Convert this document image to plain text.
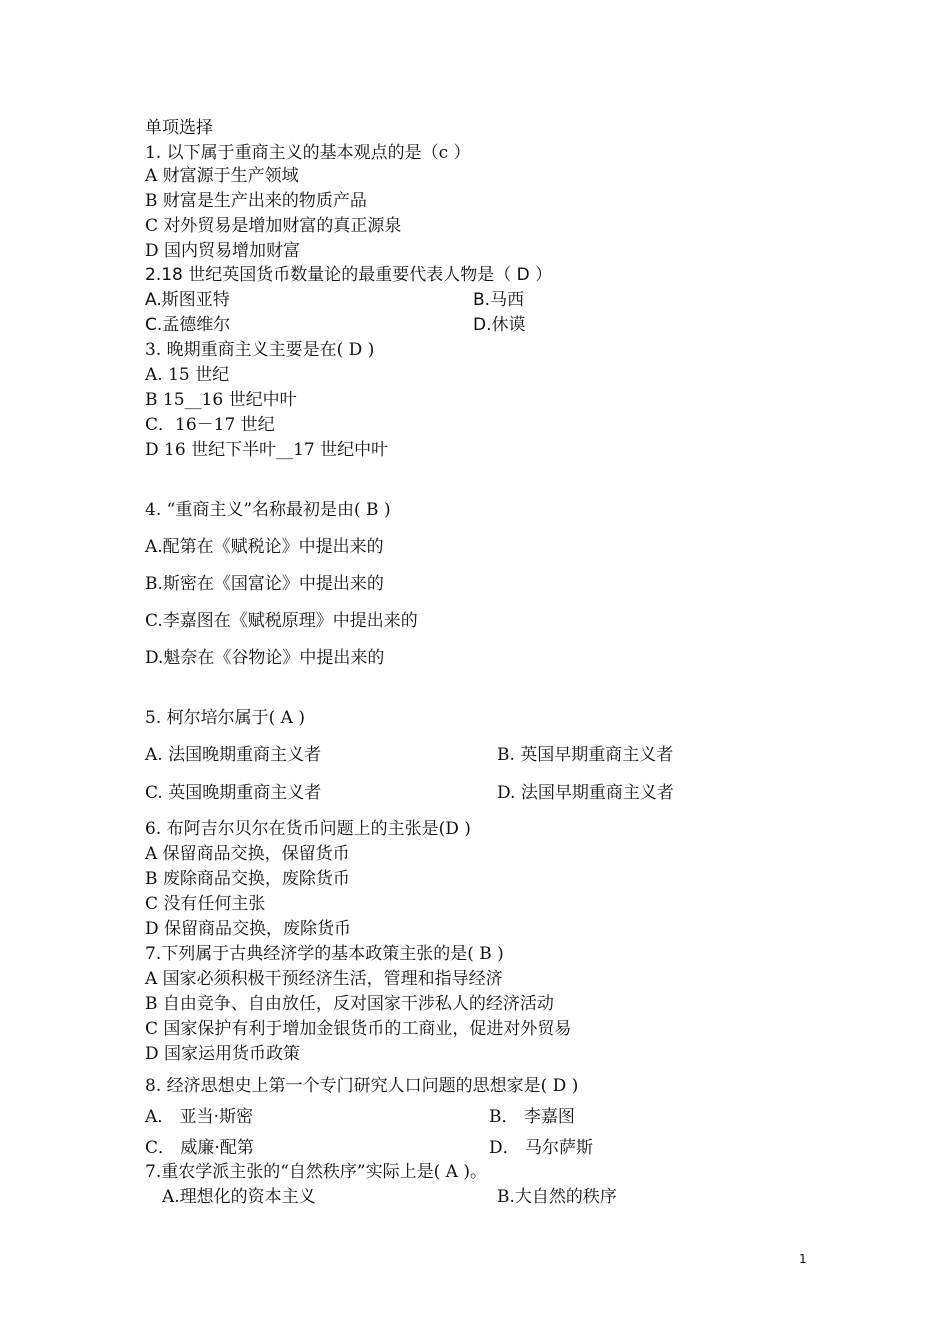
单项选择
1. 以下属于重商主义的基本观点的是（c ）
A 财富源于生产领域
B 财富是生产出来的物质产品
C 对外贸易是增加财富的真正源泉
D 国内贸易增加财富
2.18 世纪英国货币数量论的最重要代表人物是（ D ）
A.斯图亚特	B.马西
C.孟德维尔	D.休谟
3. 晚期重商主义主要是在( D )
A. 15 世纪
B 15__16 世纪中叶
C．16－17 世纪
D 16 世纪下半叶__17 世纪中叶
4. “重商主义”名称最初是由( B )
A.配第在《赋税论》中提出来的
B.斯密在《国富论》中提出来的
C.李嘉图在《赋税原理》中提出来的
D.魁奈在《谷物论》中提出来的
5. 柯尔培尔属于( A )
A. 法国晚期重商主义者	B. 英国早期重商主义者
C. 英国晚期重商主义者	D. 法国早期重商主义者
6. 布阿吉尔贝尔在货币问题上的主张是(D )
A 保留商品交换，保留货币
B 废除商品交换，废除货币
C 没有任何主张
D 保留商品交换，废除货币
7.下列属于古典经济学的基本政策主张的是( B )
A 国家必须积极干预经济生活，管理和指导经济
B 自由竞争、自由放任，反对国家干涉私人的经济活动
C 国家保护有利于增加金银货币的工商业，促进对外贸易
D 国家运用货币政策
8. 经济思想史上第一个专门研究人口问题的思想家是( D )
A． 亚当·斯密	B． 李嘉图
C． 威廉·配第	D． 马尔萨斯
7.重农学派主张的“自然秩序”实际上是( A )。
A.理想化的资本主义	B.大自然的秩序
1
